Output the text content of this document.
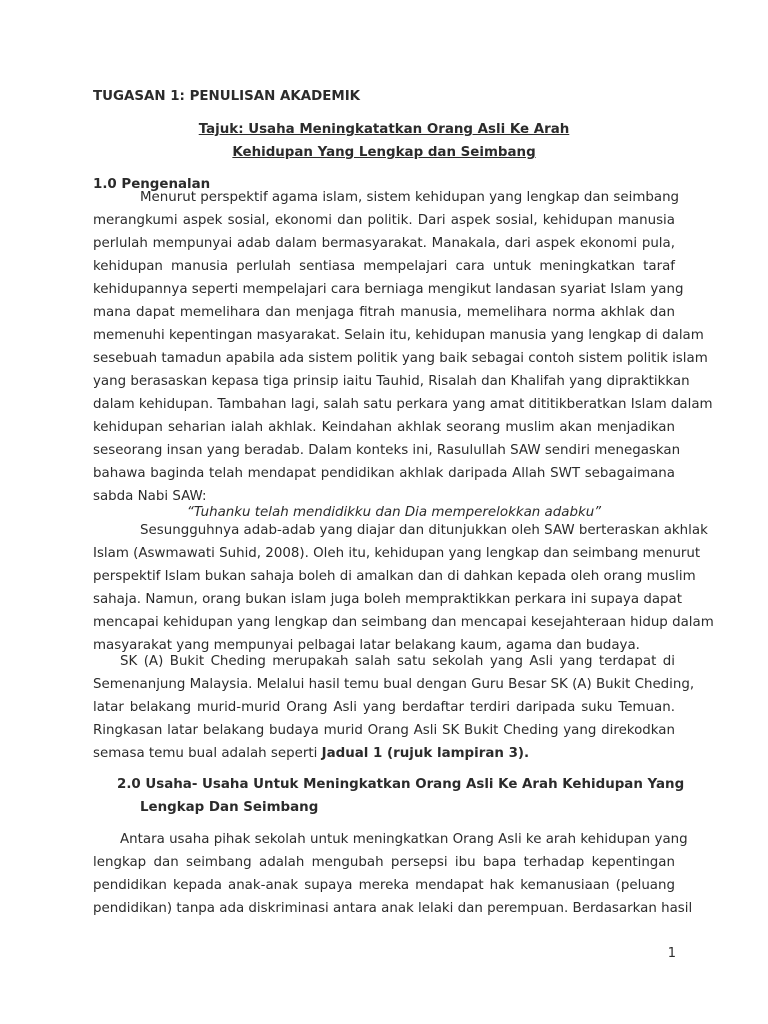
TUGASAN 1: PENULISAN AKADEMIK
Tajuk: Usaha Meningkatatkan Orang Asli Ke Arah
Kehidupan Yang Lengkap dan Seimbang
1.0 Pengenalan
Menurut perspektif agama islam, sistem kehidupan yang lengkap dan seimbang
merangkumi aspek sosial, ekonomi dan politik. Dari aspek sosial, kehidupan manusia
perlulah mempunyai adab dalam bermasyarakat. Manakala, dari aspek ekonomi pula,
kehidupan manusia perlulah sentiasa mempelajari cara untuk meningkatkan taraf
kehidupannya seperti mempelajari cara berniaga mengikut landasan syariat Islam yang
mana dapat memelihara dan menjaga fitrah manusia, memelihara norma akhlak dan
memenuhi kepentingan masyarakat. Selain itu, kehidupan manusia yang lengkap di dalam
sesebuah tamadun apabila ada sistem politik yang baik sebagai contoh sistem politik islam
yang berasaskan kepasa tiga prinsip iaitu Tauhid, Risalah dan Khalifah yang dipraktikkan
dalam kehidupan. Tambahan lagi, salah satu perkara yang amat dititikberatkan Islam dalam
kehidupan seharian ialah akhlak. Keindahan akhlak seorang muslim akan menjadikan
seseorang insan yang beradab. Dalam konteks ini, Rasulullah SAW sendiri menegaskan
bahawa baginda telah mendapat pendidikan akhlak daripada Allah SWT sebagaimana
sabda Nabi SAW:
“Tuhanku telah mendidikku dan Dia memperelokkan adabku”
Sesungguhnya adab-adab yang diajar dan ditunjukkan oleh SAW berteraskan akhlak
Islam (Aswmawati Suhid, 2008). Oleh itu, kehidupan yang lengkap dan seimbang menurut
perspektif Islam bukan sahaja boleh di amalkan dan di dahkan kepada oleh orang muslim
sahaja. Namun, orang bukan islam juga boleh mempraktikkan perkara ini supaya dapat
mencapai kehidupan yang lengkap dan seimbang dan mencapai kesejahteraan hidup dalam
masyarakat yang mempunyai pelbagai latar belakang kaum, agama dan budaya.
SK (A) Bukit Cheding merupakah salah satu sekolah yang Asli yang terdapat di
Semenanjung Malaysia. Melalui hasil temu bual dengan Guru Besar SK (A) Bukit Cheding,
latar belakang murid-murid Orang Asli yang berdaftar terdiri daripada suku Temuan.
Ringkasan latar belakang budaya murid Orang Asli SK Bukit Cheding yang direkodkan
semasa temu bual adalah seperti Jadual 1 (rujuk lampiran 3).
2.0 Usaha- Usaha Untuk Meningkatkan Orang Asli Ke Arah Kehidupan Yang
Lengkap Dan Seimbang
Antara usaha pihak sekolah untuk meningkatkan Orang Asli ke arah kehidupan yang
lengkap dan seimbang adalah mengubah persepsi ibu bapa terhadap kepentingan
pendidikan kepada anak-anak supaya mereka mendapat hak kemanusiaan (peluang
pendidikan) tanpa ada diskriminasi antara anak lelaki dan perempuan. Berdasarkan hasil
1
